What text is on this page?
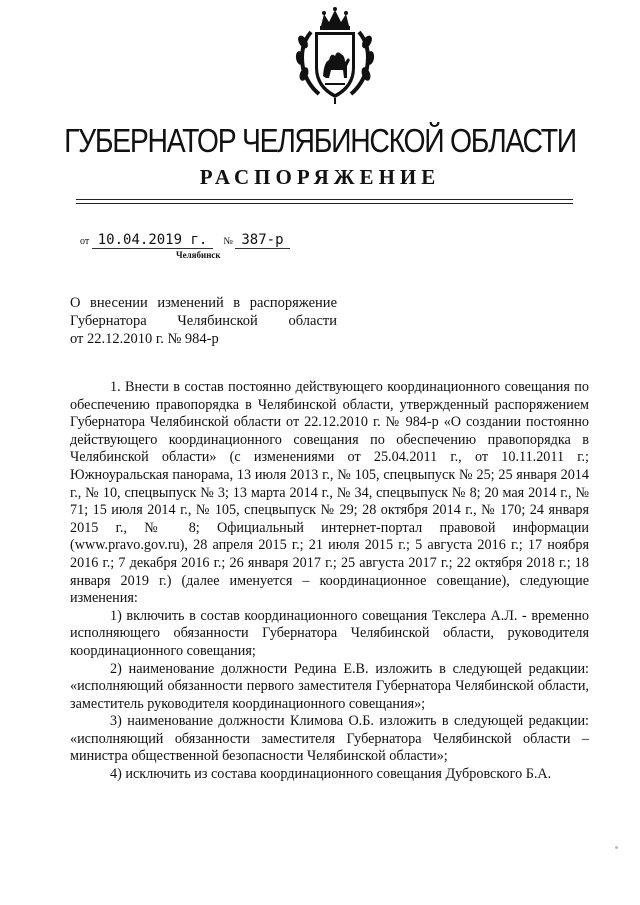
ГУБЕРНАТОР ЧЕЛЯБИНСКОЙ ОБЛАСТИ
РАСПОРЯЖЕНИЕ
от 10.04.2019 г. № 387-р
Челябинск
О внесении изменений в распоряжение
Губернатора Челябинской области
от 22.12.2010 г. № 984-р

1. Внести в состав постоянно действующего координационного совещания по обеспечению правопорядка в Челябинской области, утвержденный распоряжением Губернатора Челябинской области от 22.12.2010 г. № 984-р «О создании постоянно действующего координационного совещания по обеспечению правопорядка в Челябинской области» (с изменениями от 25.04.2011 г., от 10.11.2011 г.; Южноуральская панорама, 13 июля 2013 г., № 105, спецвыпуск № 25; 25 января 2014 г., № 10, спецвыпуск № 3; 13 марта 2014 г., № 34, спецвыпуск № 8; 20 мая 2014 г., № 71; 15 июля 2014 г., № 105, спецвыпуск № 29; 28 октября 2014 г., № 170; 24 января 2015 г., № 8; Официальный интернет-портал правовой информации (www.pravo.gov.ru), 28 апреля 2015 г.; 21 июля 2015 г.; 5 августа 2016 г.; 17 ноября 2016 г.; 7 декабря 2016 г.; 26 января 2017 г.; 25 августа 2017 г.; 22 октября 2018 г.; 18 января 2019 г.) (далее именуется – координационное совещание), следующие изменения:

1) включить в состав координационного совещания Текслера А.Л. - временно исполняющего обязанности Губернатора Челябинской области, руководителя координационного совещания;

2) наименование должности Редина Е.В. изложить в следующей редакции: «исполняющий обязанности первого заместителя Губернатора Челябинской области, заместитель руководителя координационного совещания»;

3) наименование должности Климова О.Б. изложить в следующей редакции: «исполняющий обязанности заместителя Губернатора Челябинской области – министра общественной безопасности Челябинской области»;

4) исключить из состава координационного совещания Дубровского Б.А.
